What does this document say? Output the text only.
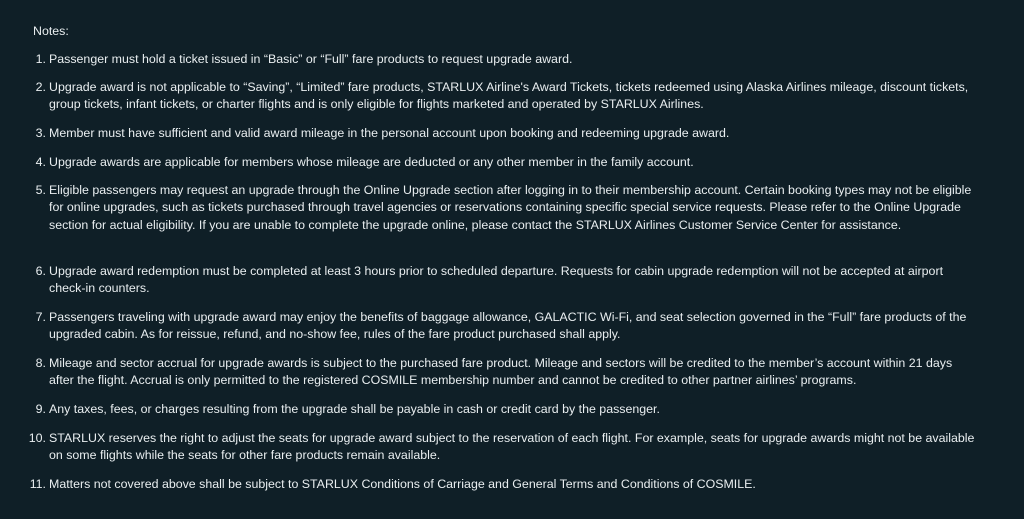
Notes:
1. Passenger must hold a ticket issued in “Basic” or “Full” fare products to request upgrade award.
2. Upgrade award is not applicable to “Saving”, “Limited” fare products, STARLUX Airline's Award Tickets, tickets redeemed using Alaska Airlines mileage, discount tickets, group tickets, infant tickets, or charter flights and is only eligible for flights marketed and operated by STARLUX Airlines.
3. Member must have sufficient and valid award mileage in the personal account upon booking and redeeming upgrade award.
4. Upgrade awards are applicable for members whose mileage are deducted or any other member in the family account.
5. Eligible passengers may request an upgrade through the Online Upgrade section after logging in to their membership account. Certain booking types may not be eligible for online upgrades, such as tickets purchased through travel agencies or reservations containing specific special service requests. Please refer to the Online Upgrade section for actual eligibility. If you are unable to complete the upgrade online, please contact the STARLUX Airlines Customer Service Center for assistance.
6. Upgrade award redemption must be completed at least 3 hours prior to scheduled departure. Requests for cabin upgrade redemption will not be accepted at airport check-in counters.
7. Passengers traveling with upgrade award may enjoy the benefits of baggage allowance, GALACTIC Wi-Fi, and seat selection governed in the “Full” fare products of the upgraded cabin. As for reissue, refund, and no-show fee, rules of the fare product purchased shall apply.
8. Mileage and sector accrual for upgrade awards is subject to the purchased fare product. Mileage and sectors will be credited to the member’s account within 21 days after the flight. Accrual is only permitted to the registered COSMILE membership number and cannot be credited to other partner airlines’ programs.
9. Any taxes, fees, or charges resulting from the upgrade shall be payable in cash or credit card by the passenger.
10. STARLUX reserves the right to adjust the seats for upgrade award subject to the reservation of each flight. For example, seats for upgrade awards might not be available on some flights while the seats for other fare products remain available.
11. Matters not covered above shall be subject to STARLUX Conditions of Carriage and General Terms and Conditions of COSMILE.
